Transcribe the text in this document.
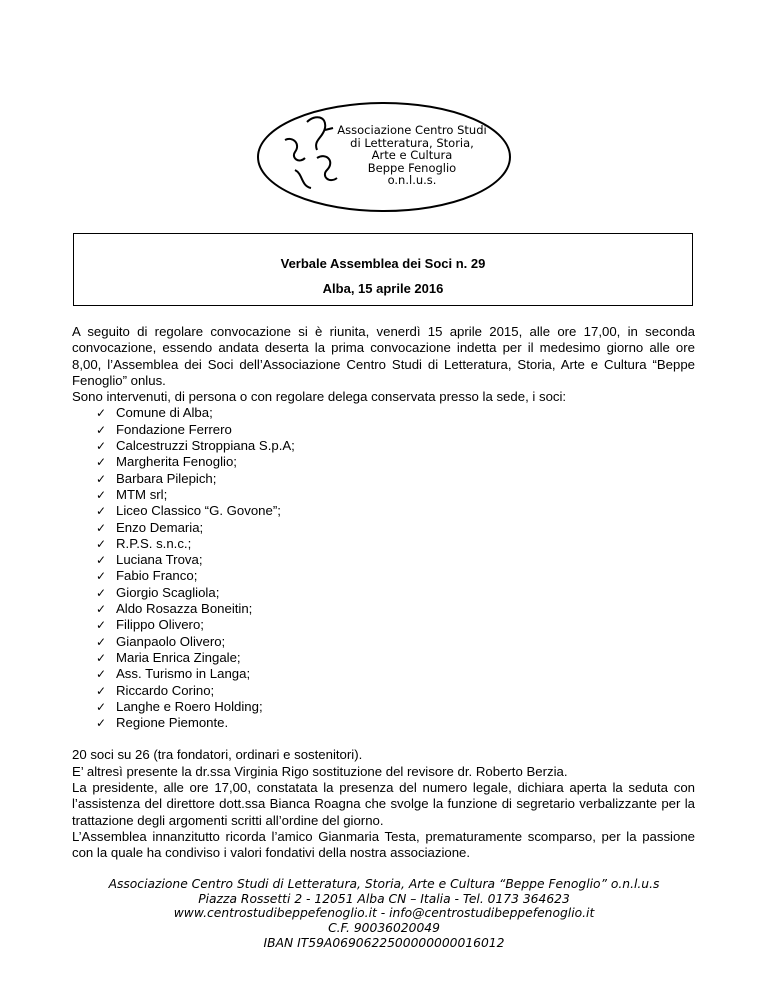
Associazione Centro Studi
di Letteratura, Storia,
Arte e Cultura
Beppe Fenoglio
o.n.l.u.s.
Verbale Assemblea dei Soci n. 29
Alba, 15 aprile 2016

A seguito di regolare convocazione si è riunita, venerdì 15 aprile 2015, alle ore 17,00, in seconda convocazione, essendo andata deserta la prima convocazione indetta per il medesimo giorno alle ore 8,00, l’Assemblea dei Soci dell’Associazione Centro Studi di Letteratura, Storia, Arte e Cultura “Beppe Fenoglio” onlus.

Sono intervenuti, di persona o con regolare delega conservata presso la sede, i soci:

✓ Comune di Alba;
✓ Fondazione Ferrero
✓ Calcestruzzi Stroppiana S.p.A;
✓ Margherita Fenoglio;
✓ Barbara Pilepich;
✓ MTM srl;
✓ Liceo Classico “G. Govone”;
✓ Enzo Demaria;
✓ R.P.S. s.n.c.;
✓ Luciana Trova;
✓ Fabio Franco;
✓ Giorgio Scagliola;
✓ Aldo Rosazza Boneitin;
✓ Filippo Olivero;
✓ Gianpaolo Olivero;
✓ Maria Enrica Zingale;
✓ Ass. Turismo in Langa;
✓ Riccardo Corino;
✓ Langhe e Roero Holding;
✓ Regione Piemonte.

20 soci su 26 (tra fondatori, ordinari e sostenitori).

E’ altresì presente la dr.ssa Virginia Rigo sostituzione del revisore dr. Roberto Berzia.

La presidente, alle ore 17,00, constatata la presenza del numero legale, dichiara aperta la seduta con l’assistenza del direttore dott.ssa Bianca Roagna che svolge la funzione di segretario verbalizzante per la trattazione degli argomenti scritti all’ordine del giorno.

L’Assemblea innanzitutto ricorda l’amico Gianmaria Testa, prematuramente scomparso, per la passione con la quale ha condiviso i valori fondativi della nostra associazione.

Associazione Centro Studi di Letteratura, Storia, Arte e Cultura “Beppe Fenoglio” o.n.l.u.s
Piazza Rossetti 2 - 12051 Alba CN – Italia - Tel. 0173 364623
www.centrostudibeppefenoglio.it - info@centrostudibeppefenoglio.it
C.F. 90036020049
IBAN IT59A0690622500000000016012
